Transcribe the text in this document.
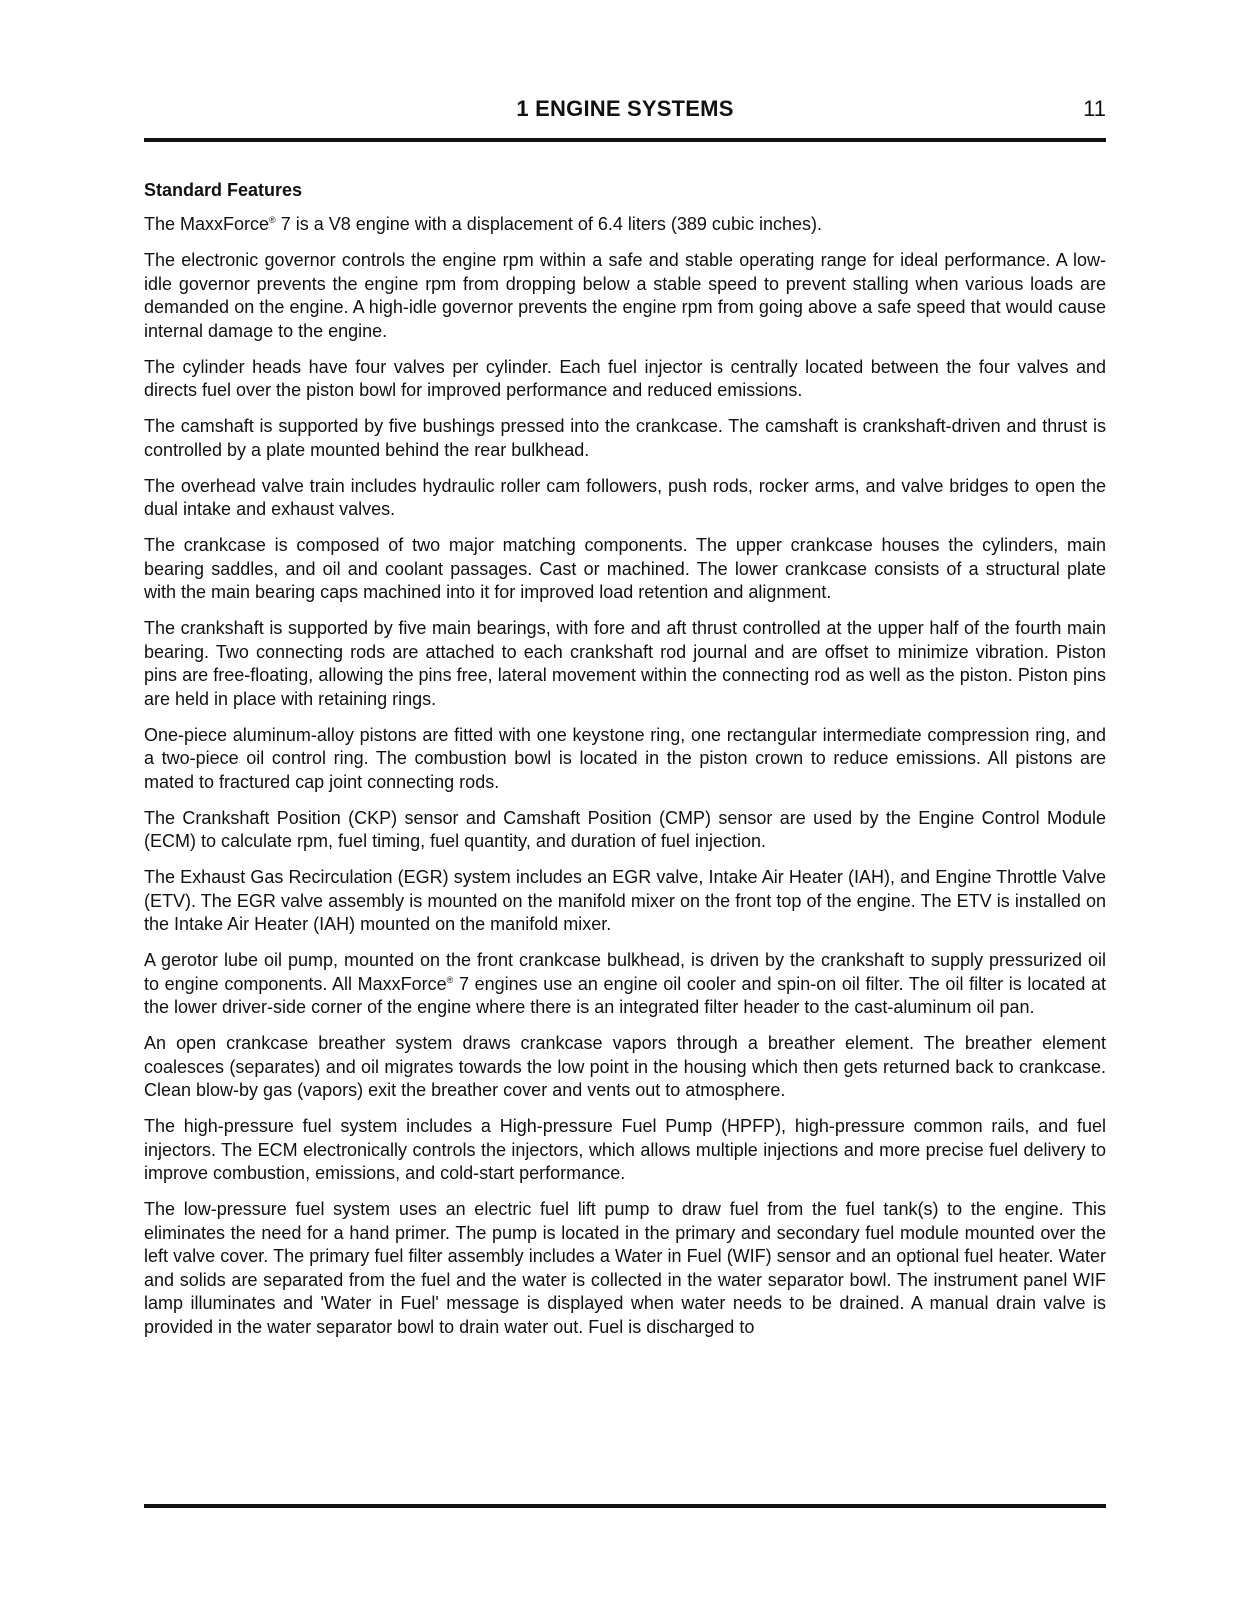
1 ENGINE SYSTEMS	11
Standard Features

The MaxxForce® 7 is a V8 engine with a displacement of 6.4 liters (389 cubic inches).

The electronic governor controls the engine rpm within a safe and stable operating range for ideal performance. A low-idle governor prevents the engine rpm from dropping below a stable speed to prevent stalling when various loads are demanded on the engine. A high-idle governor prevents the engine rpm from going above a safe speed that would cause internal damage to the engine.

The cylinder heads have four valves per cylinder. Each fuel injector is centrally located between the four valves and directs fuel over the piston bowl for improved performance and reduced emissions.

The camshaft is supported by five bushings pressed into the crankcase. The camshaft is crankshaft-driven and thrust is controlled by a plate mounted behind the rear bulkhead.

The overhead valve train includes hydraulic roller cam followers, push rods, rocker arms, and valve bridges to open the dual intake and exhaust valves.

The crankcase is composed of two major matching components. The upper crankcase houses the cylinders, main bearing saddles, and oil and coolant passages. Cast or machined. The lower crankcase consists of a structural plate with the main bearing caps machined into it for improved load retention and alignment.

The crankshaft is supported by five main bearings, with fore and aft thrust controlled at the upper half of the fourth main bearing. Two connecting rods are attached to each crankshaft rod journal and are offset to minimize vibration. Piston pins are free-floating, allowing the pins free, lateral movement within the connecting rod as well as the piston. Piston pins are held in place with retaining rings.

One-piece aluminum-alloy pistons are fitted with one keystone ring, one rectangular intermediate compression ring, and a two-piece oil control ring. The combustion bowl is located in the piston crown to reduce emissions. All pistons are mated to fractured cap joint connecting rods.

The Crankshaft Position (CKP) sensor and Camshaft Position (CMP) sensor are used by the Engine Control Module (ECM) to calculate rpm, fuel timing, fuel quantity, and duration of fuel injection.

The Exhaust Gas Recirculation (EGR) system includes an EGR valve, Intake Air Heater (IAH), and Engine Throttle Valve (ETV). The EGR valve assembly is mounted on the manifold mixer on the front top of the engine. The ETV is installed on the Intake Air Heater (IAH) mounted on the manifold mixer.

A gerotor lube oil pump, mounted on the front crankcase bulkhead, is driven by the crankshaft to supply pressurized oil to engine components. All MaxxForce® 7 engines use an engine oil cooler and spin-on oil filter. The oil filter is located at the lower driver-side corner of the engine where there is an integrated filter header to the cast-aluminum oil pan.

An open crankcase breather system draws crankcase vapors through a breather element. The breather element coalesces (separates) and oil migrates towards the low point in the housing which then gets returned back to crankcase. Clean blow-by gas (vapors) exit the breather cover and vents out to atmosphere.

The high-pressure fuel system includes a High-pressure Fuel Pump (HPFP), high-pressure common rails, and fuel injectors. The ECM electronically controls the injectors, which allows multiple injections and more precise fuel delivery to improve combustion, emissions, and cold-start performance.

The low-pressure fuel system uses an electric fuel lift pump to draw fuel from the fuel tank(s) to the engine. This eliminates the need for a hand primer. The pump is located in the primary and secondary fuel module mounted over the left valve cover. The primary fuel filter assembly includes a Water in Fuel (WIF) sensor and an optional fuel heater. Water and solids are separated from the fuel and the water is collected in the water separator bowl. The instrument panel WIF lamp illuminates and 'Water in Fuel' message is displayed when water needs to be drained. A manual drain valve is provided in the water separator bowl to drain water out. Fuel is discharged to
